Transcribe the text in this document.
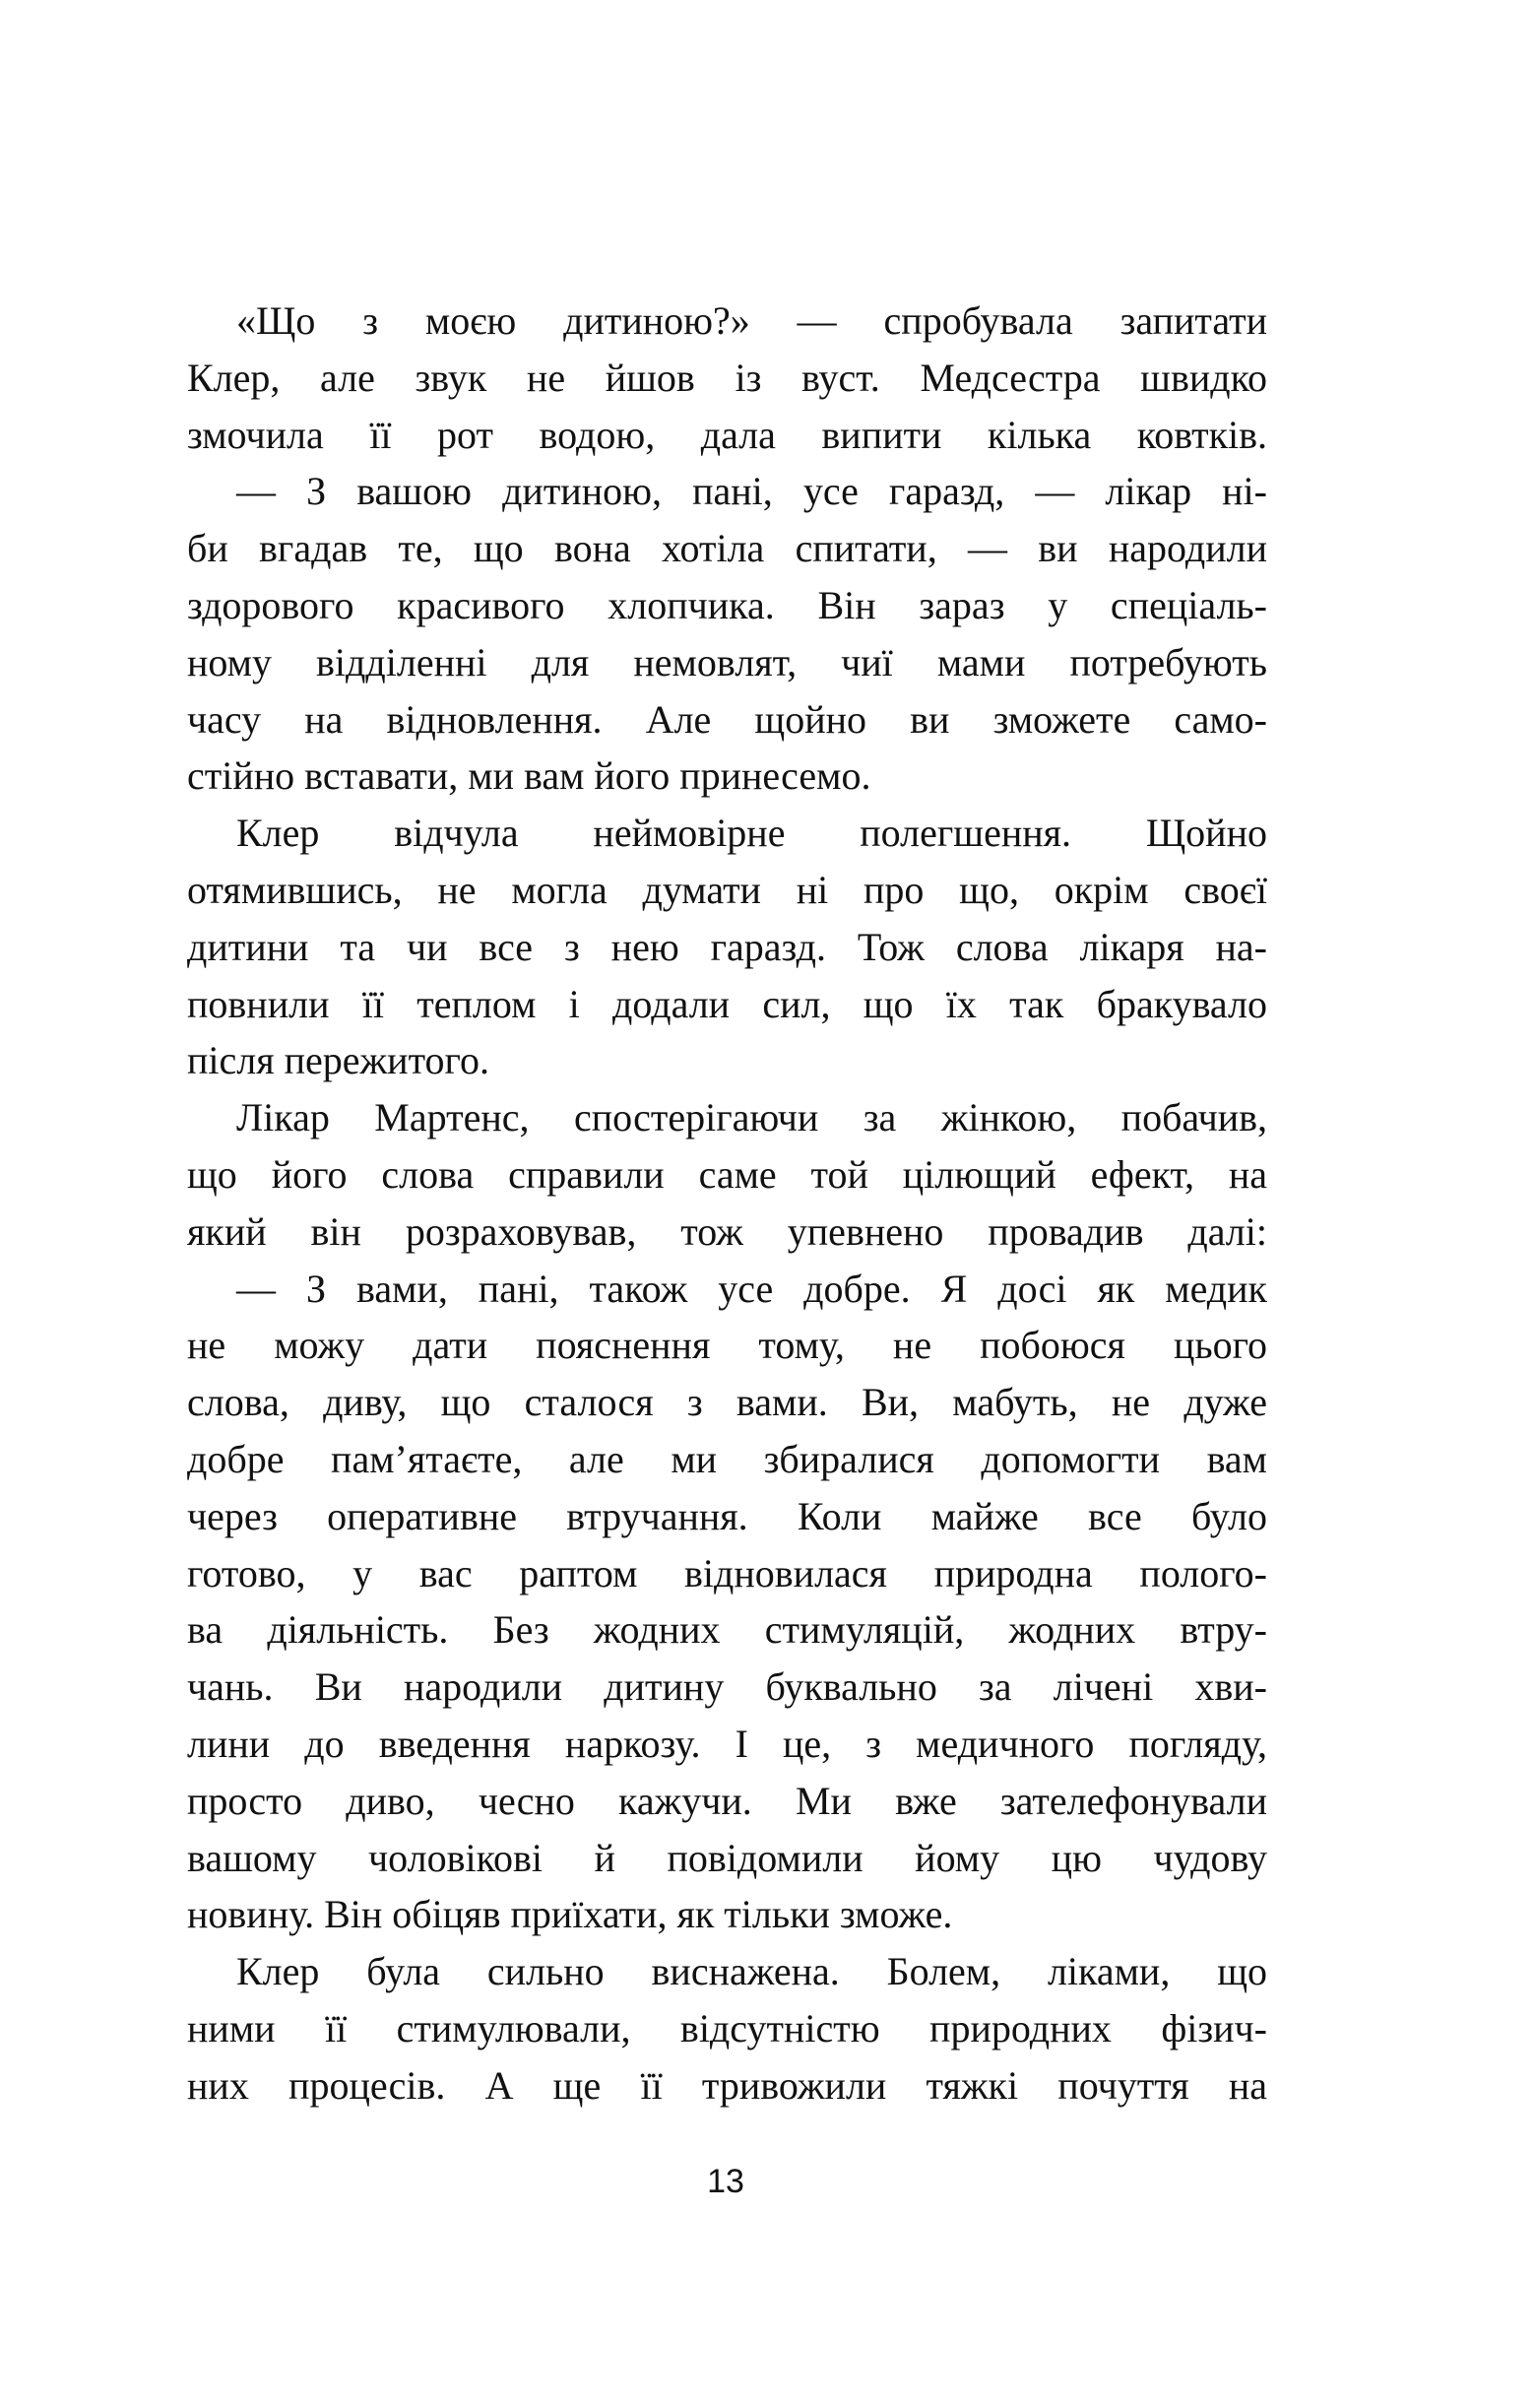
«Що з моєю дитиною?» — спробувала запитати
Клер, але звук не йшов із вуст. Медсестра швидко
змочила її рот водою, дала випити кілька ковтків.
— З вашою дитиною, пані, усе гаразд, — лікар ні-
би вгадав те, що вона хотіла спитати, — ви народили
здорового красивого хлопчика. Він зараз у спеціаль-
ному відділенні для немовлят, чиї мами потребують
часу на відновлення. Але щойно ви зможете само-
стійно вставати, ми вам його принесемо.
Клер відчула неймовірне полегшення. Щойно
отямившись, не могла думати ні про що, окрім своєї
дитини та чи все з нею гаразд. Тож слова лікаря на-
повнили її теплом і додали сил, що їх так бракувало
після пережитого.
Лікар Мартенс, спостерігаючи за жінкою, побачив,
що його слова справили саме той цілющий ефект, на
який він розраховував, тож упевнено провадив далі:
— З вами, пані, також усе добре. Я досі як медик
не можу дати пояснення тому, не побоюся цього
слова, диву, що сталося з вами. Ви, мабуть, не дуже
добре пам’ятаєте, але ми збиралися допомогти вам
через оперативне втручання. Коли майже все було
готово, у вас раптом відновилася природна полого-
ва діяльність. Без жодних стимуляцій, жодних втру-
чань. Ви народили дитину буквально за лічені хви-
лини до введення наркозу. І це, з медичного погляду,
просто диво, чесно кажучи. Ми вже зателефонували
вашому чоловікові й повідомили йому цю чудову
новину. Він обіцяв приїхати, як тільки зможе.
Клер була сильно виснажена. Болем, ліками, що
ними її стимулювали, відсутністю природних фізич-
них процесів. А ще її тривожили тяжкі почуття на
13
